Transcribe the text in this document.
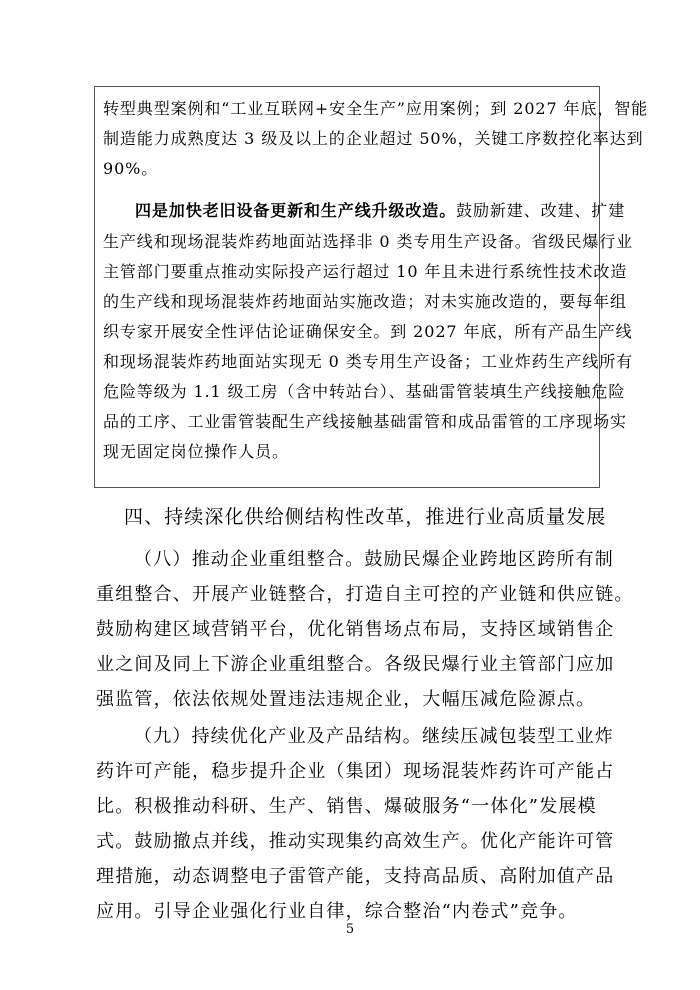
转型典型案例和“工业互联网+安全生产”应用案例；到 2027 年底，智能
制造能力成熟度达 3 级及以上的企业超过 50%，关键工序数控化率达到
90%。
四是加快老旧设备更新和生产线升级改造。鼓励新建、改建、扩建
生产线和现场混装炸药地面站选择非 0 类专用生产设备。省级民爆行业
主管部门要重点推动实际投产运行超过 10 年且未进行系统性技术改造
的生产线和现场混装炸药地面站实施改造；对未实施改造的，要每年组
织专家开展安全性评估论证确保安全。到 2027 年底，所有产品生产线
和现场混装炸药地面站实现无 0 类专用生产设备；工业炸药生产线所有
危险等级为 1.1 级工房（含中转站台）、基础雷管装填生产线接触危险
品的工序、工业雷管装配生产线接触基础雷管和成品雷管的工序现场实
现无固定岗位操作人员。
四、持续深化供给侧结构性改革，推进行业高质量发展
（八）推动企业重组整合。鼓励民爆企业跨地区跨所有制
重组整合、开展产业链整合，打造自主可控的产业链和供应链。
鼓励构建区域营销平台，优化销售场点布局，支持区域销售企
业之间及同上下游企业重组整合。各级民爆行业主管部门应加
强监管，依法依规处置违法违规企业，大幅压减危险源点。
（九）持续优化产业及产品结构。继续压减包装型工业炸
药许可产能，稳步提升企业（集团）现场混装炸药许可产能占
比。积极推动科研、生产、销售、爆破服务“一体化”发展模
式。鼓励撤点并线，推动实现集约高效生产。优化产能许可管
理措施，动态调整电子雷管产能，支持高品质、高附加值产品
应用。引导企业强化行业自律，综合整治“内卷式”竞争。
5
